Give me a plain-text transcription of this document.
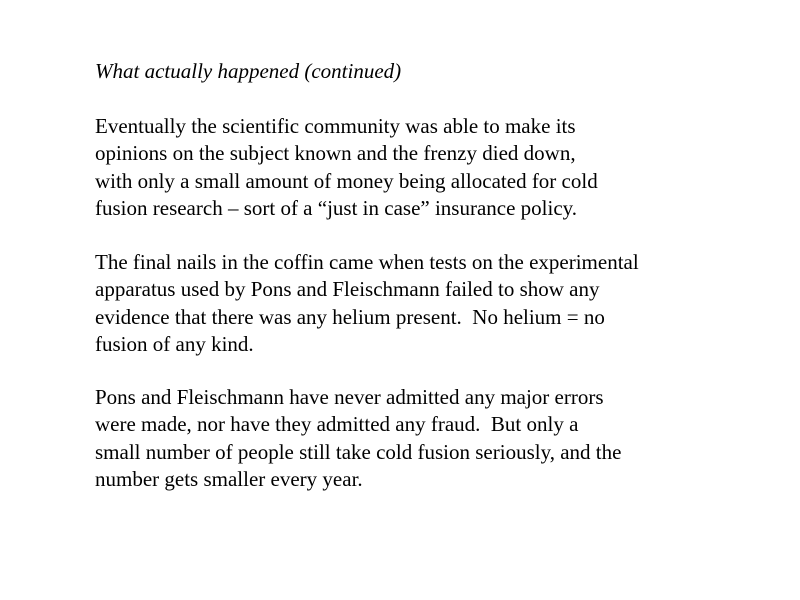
What actually happened (continued)
Eventually the scientific community was able to make its
opinions on the subject known and the frenzy died down,
with only a small amount of money being allocated for cold
fusion research – sort of a “just in case” insurance policy.
The final nails in the coffin came when tests on the experimental
apparatus used by Pons and Fleischmann failed to show any
evidence that there was any helium present.  No helium = no
fusion of any kind.
Pons and Fleischmann have never admitted any major errors
were made, nor have they admitted any fraud.  But only a
small number of people still take cold fusion seriously, and the
number gets smaller every year.
